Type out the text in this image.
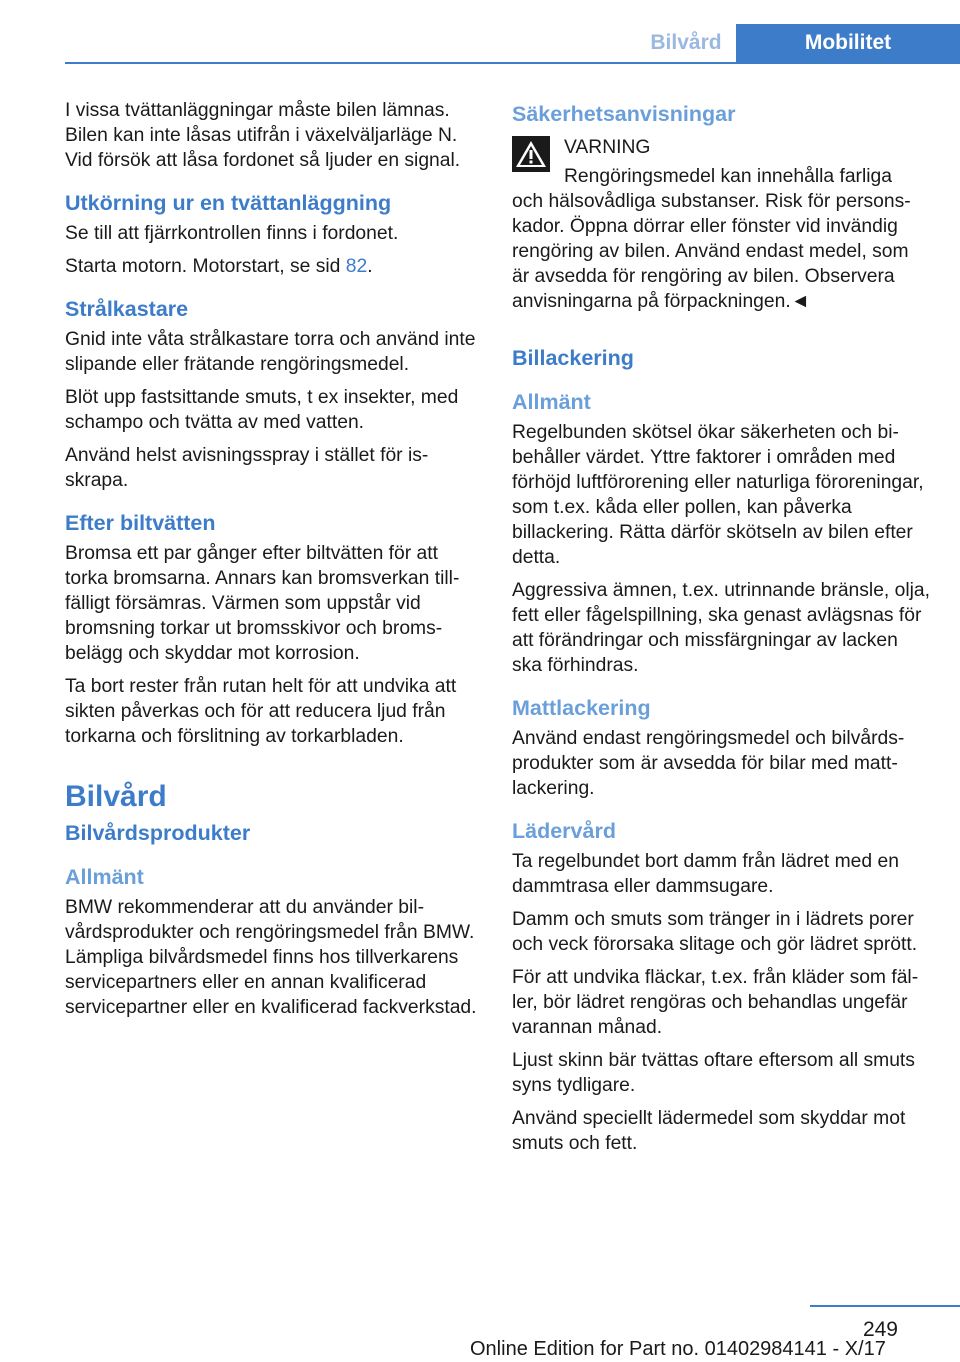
Bilvård	Mobilitet

I vissa tvättanläggningar måste bilen lämnas. Bilen kan inte låsas utifrån i växelväljarläge N. Vid försök att låsa fordonet så ljuder en signal.

Utkörning ur en tvättanläggning

Se till att fjärrkontrollen finns i fordonet.

Starta motorn. Motorstart, se sid 82.

Strålkastare

Gnid inte våta strålkastare torra och använd inte slipande eller frätande rengöringsmedel.

Blöt upp fastsittande smuts, t ex insekter, med schampo och tvätta av med vatten.

Använd helst avisningsspray i stället för isskrapa.

Efter biltvätten

Bromsa ett par gånger efter biltvätten för att torka bromsarna. Annars kan bromsverkan tillfälligt försämras. Värmen som uppstår vid bromsning torkar ut bromsskivor och bromsbelägg och skyddar mot korrosion.

Ta bort rester från rutan helt för att undvika att sikten påverkas och för att reducera ljud från torkarna och förslitning av torkarbladen.

Bilvård
Bilvårdsprodukter
Allmänt

BMW rekommenderar att du använder bilvårdsprodukter och rengöringsmedel från BMW. Lämpliga bilvårdsmedel finns hos tillverkarens servicepartners eller en annan kvalificerad servicepartner eller en kvalificerad fackverkstad.

Säkerhetsanvisningar

VARNING

Rengöringsmedel kan innehålla farliga

och hälsovådliga substanser. Risk för personskador. Öppna dörrar eller fönster vid invändig rengöring av bilen. Använd endast medel, som är avsedda för rengöring av bilen. Observera anvisningarna på förpackningen.◄

Billackering
Allmänt

Regelbunden skötsel ökar säkerheten och bibehåller värdet. Yttre faktorer i områden med förhöjd luftförorening eller naturliga föroreningar, som t.ex. kåda eller pollen, kan påverka billackering. Rätta därför skötseln av bilen efter detta.

Aggressiva ämnen, t.ex. utrinnande bränsle, olja, fett eller fågelspillning, ska genast avlägsnas för att förändringar och missfärgningar av lacken ska förhindras.

Mattlackering

Använd endast rengöringsmedel och bilvårdsprodukter som är avsedda för bilar med mattlackering.

Lädervård

Ta regelbundet bort damm från lädret med en dammtrasa eller dammsugare.

Damm och smuts som tränger in i lädrets porer och veck förorsaka slitage och gör lädret sprött.

För att undvika fläckar, t.ex. från kläder som fäller, bör lädret rengöras och behandlas ungefär varannan månad.

Ljust skinn bär tvättas oftare eftersom all smuts syns tydligare.

Använd speciellt lädermedel som skyddar mot smuts och fett.

249
Online Edition for Part no. 01402984141 - X/17
